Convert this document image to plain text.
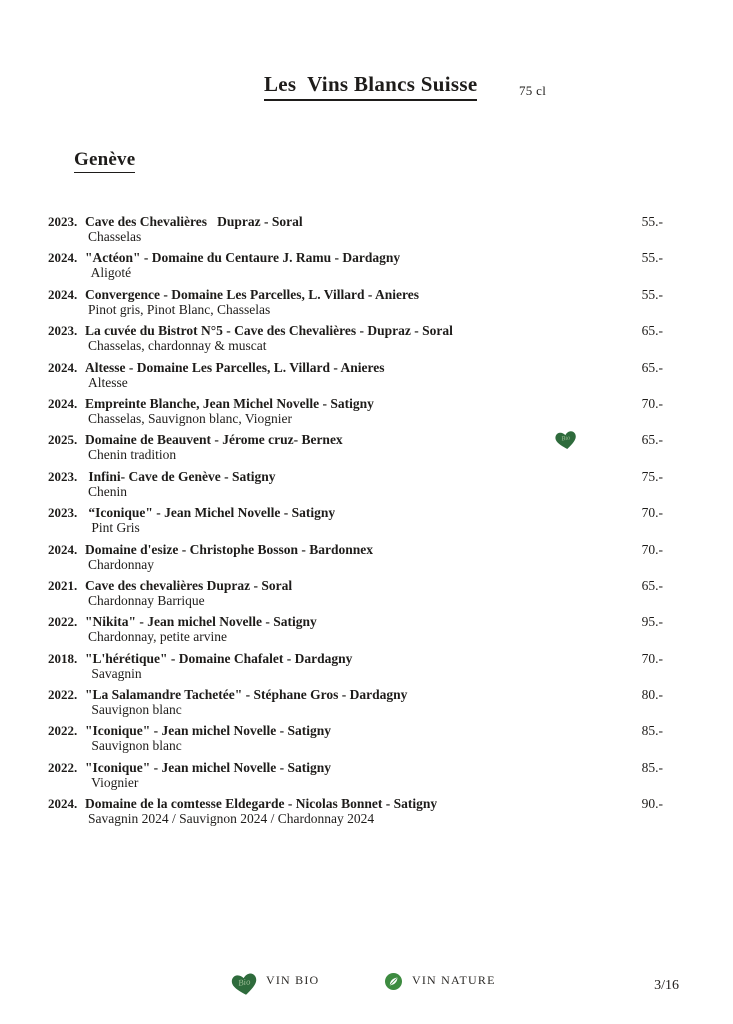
Les  Vins Blancs Suisse	75 cl
Genève
2023. Cave des Chevalières   Dupraz - Soral
Chasselas
55.-
2024. "Actéon" - Domaine du Centaure J. Ramu - Dardagny
Aligoté
55.-
2024. Convergence - Domaine Les Parcelles, L. Villard - Anieres
Pinot gris, Pinot Blanc, Chasselas
55.-
2023. La cuvée du Bistrot N°5 - Cave des Chevalières - Dupraz - Soral
Chasselas, chardonnay & muscat
65.-
2024. Altesse - Domaine Les Parcelles, L. Villard - Anieres
Altesse
65.-
2024. Empreinte Blanche, Jean Michel Novelle - Satigny
Chasselas, Sauvignon blanc, Viognier
70.-
2025. Domaine de Beauvent - Jérome cruz- Bernex
Chenin tradition
65.-
Bio
2023. Infini- Cave de Genève - Satigny
Chenin
75.-
2023. “Iconique" - Jean Michel Novelle - Satigny
Pint Gris
70.-
2024. Domaine d'esize - Christophe Bosson - Bardonnex
Chardonnay
70.-
2021. Cave des chevalières Dupraz - Soral
Chardonnay Barrique
65.-
2022. "Nikita" - Jean michel Novelle - Satigny
Chardonnay, petite arvine
95.-
2018. "L'hérétique" - Domaine Chafalet - Dardagny
Savagnin
70.-
2022. "La Salamandre Tachetée" - Stéphane Gros - Dardagny
Sauvignon blanc
80.-
2022. "Iconique" - Jean michel Novelle - Satigny
Sauvignon blanc
85.-
2022. "Iconique" - Jean michel Novelle - Satigny
Viognier
85.-
2024. Domaine de la comtesse Eldegarde - Nicolas Bonnet - Satigny
Savagnin 2024 / Sauvignon 2024 / Chardonnay 2024
90.-
Bio VIN BIO	VIN NATURE	3/16
